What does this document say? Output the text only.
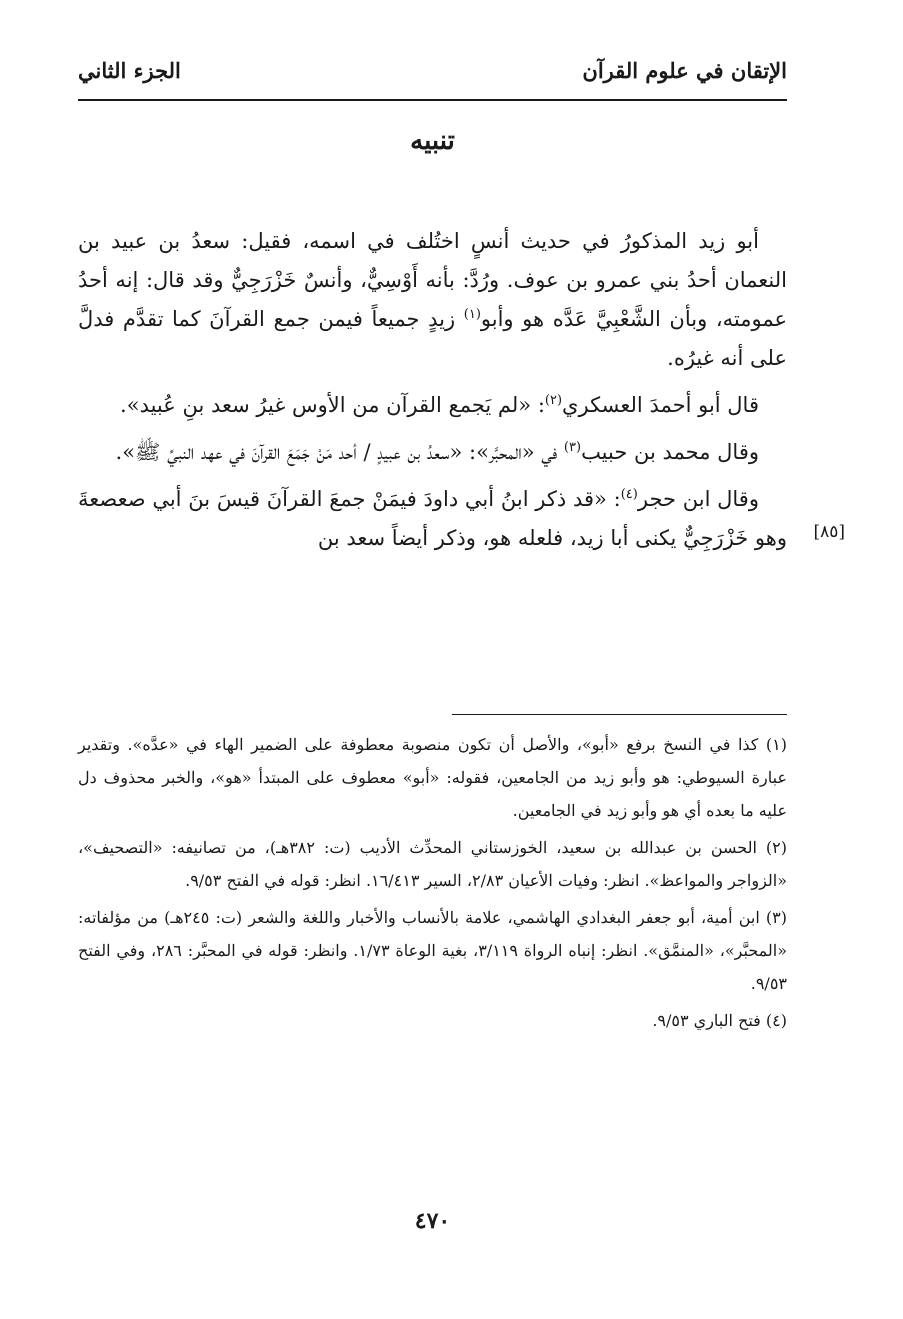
الإتقان في علوم القرآن
الجزء الثاني
تنبيه
[٨٥]

أبو زيد المذكورُ في حديث أنسٍ اختُلف في اسمه، فقيل: سعدُ بن عبيد بن النعمان أحدُ بني عمرو بن عوف. ورُدَّ: بأنه أَوْسِيٌّ، وأنسٌ خَزْرَجِيٌّ وقد قال: إنه أحدُ عمومته، وبأن الشَّعْبِيَّ عَدَّه هو وأبو$^{(١)}$ زيدٍ جميعاً فيمن جمع القرآنَ كما تقدَّم فدلَّ على أنه غيرُه.

قال أبو أحمدَ العسكري$^{(٢)}$: «لم يَجمع القرآن من الأوس غيرُ سعد بنِ عُبيد».

وقال محمد بن حبيب$^{(٣)}$ في «المحبَّر»: «سعدُ بن عبيدٍ / أحد مَنْ جَمَعَ القرآنَ في عهد النبيِّ ﷺ».

وقال ابن حجر$^{(٤)}$: «قد ذكر ابنُ أبي داودَ فيمَنْ جمعَ القرآنَ قيسَ بنَ أبي صعصعةَ وهو خَزْرَجِيٌّ يكنى أبا زيد، فلعله هو، وذكر أيضاً سعد بن

(١) كذا في النسخ برفع «أبو»، والأصل أن تكون منصوبة معطوفة على الضمير الهاء في «عدَّه». وتقدير عبارة السيوطي: هو وأبو زيد من الجامعين، فقوله: «أبو» معطوف على المبتدأ «هو»، والخبر محذوف دل عليه ما بعده أي هو وأبو زيد في الجامعين.

(٢) الحسن بن عبدالله بن سعيد، الخوزستاني المحدِّث الأديب (ت: ٣٨٢هـ)، من تصانيفه: «التصحيف»، «الزواجر والمواعظ». انظر: وفيات الأعيان ٢/٨٣، السير ١٦/٤١٣. انظر: قوله في الفتح ٩/٥٣.

(٣) ابن أمية، أبو جعفر البغدادي الهاشمي، علامة بالأنساب والأخبار واللغة والشعر (ت: ٢٤٥هـ) من مؤلفاته: «المحبَّر»، «المنمَّق». انظر: إنباه الرواة ٣/١١٩، بغية الوعاة ١/٧٣. وانظر: قوله في المحبَّر: ٢٨٦، وفي الفتح ٩/٥٣.

(٤) فتح الباري ٩/٥٣.

٤٧٠
